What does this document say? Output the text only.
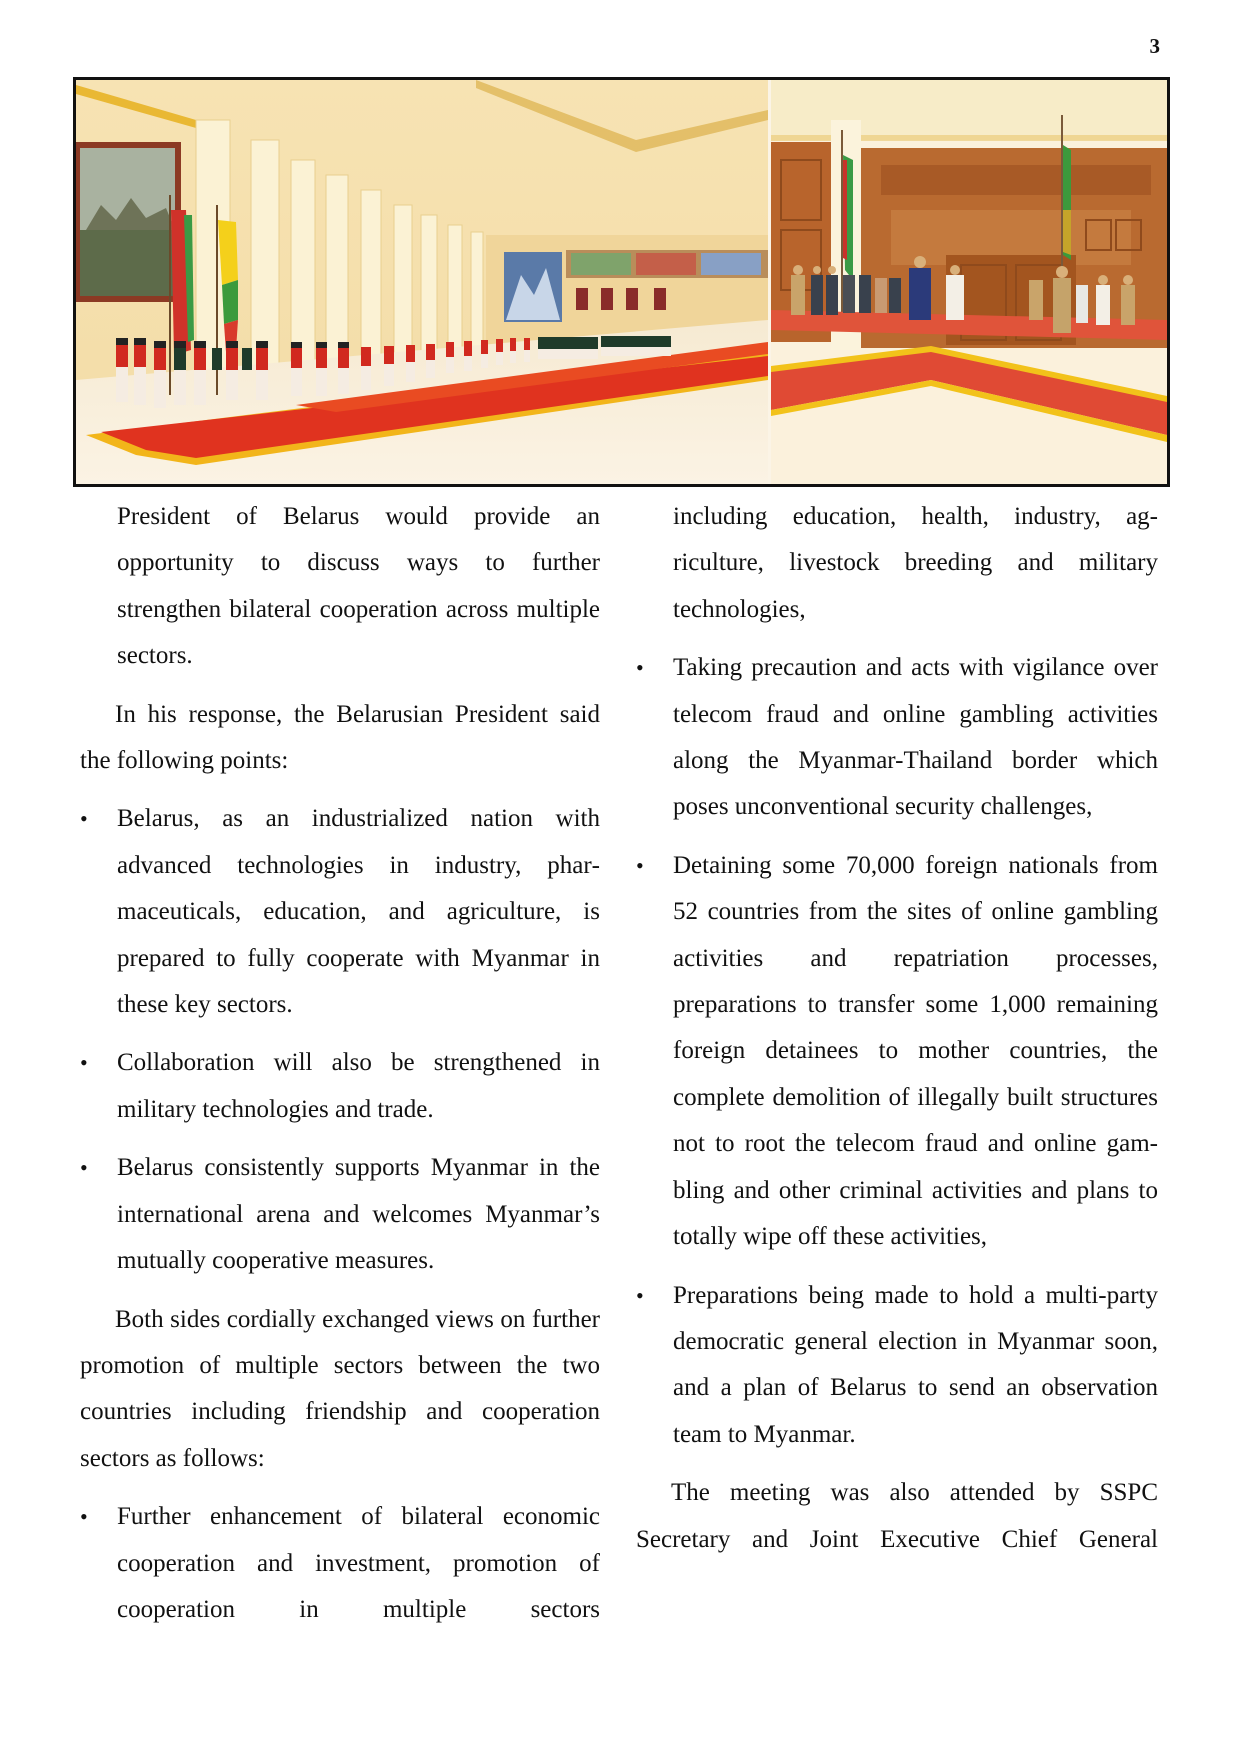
3

President of Belarus would provide an opportunity to discuss ways to further strengthen bilateral cooperation across multiple sectors.

In his response, the Belarusian President said the following points:

•	Belarus, as an industrialized nation with advanced technologies in industry, pharmaceuticals, education, and agriculture, is prepared to fully cooperate with Myanmar in these key sectors.
•	Collaboration will also be strengthened in military technologies and trade.
•	Belarus consistently supports Myanmar in the international arena and welcomes Myanmar’s mutually cooperative measures.

Both sides cordially exchanged views on further promotion of multiple sectors between the two countries including friendship and cooperation sectors as follows:

•	Further enhancement of bilateral economic cooperation and investment, promotion of cooperation in multiple sectors

including education, health, industry, agriculture, livestock breeding and military technologies,

•	Taking precaution and acts with vigilance over telecom fraud and online gambling activities along the Myanmar-Thailand border which poses unconventional security challenges,
•	Detaining some 70,000 foreign nationals from 52 countries from the sites of online gambling activities and repatriation processes, preparations to transfer some 1,000 remaining foreign detainees to mother countries, the complete demolition of illegally built structures not to root the telecom fraud and online gambling and other criminal activities and plans to totally wipe off these activities,
•	Preparations being made to hold a multi-party democratic general election in Myanmar soon, and a plan of Belarus to send an observation team to Myanmar.

The meeting was also attended by SSPC Secretary and Joint Executive Chief General
